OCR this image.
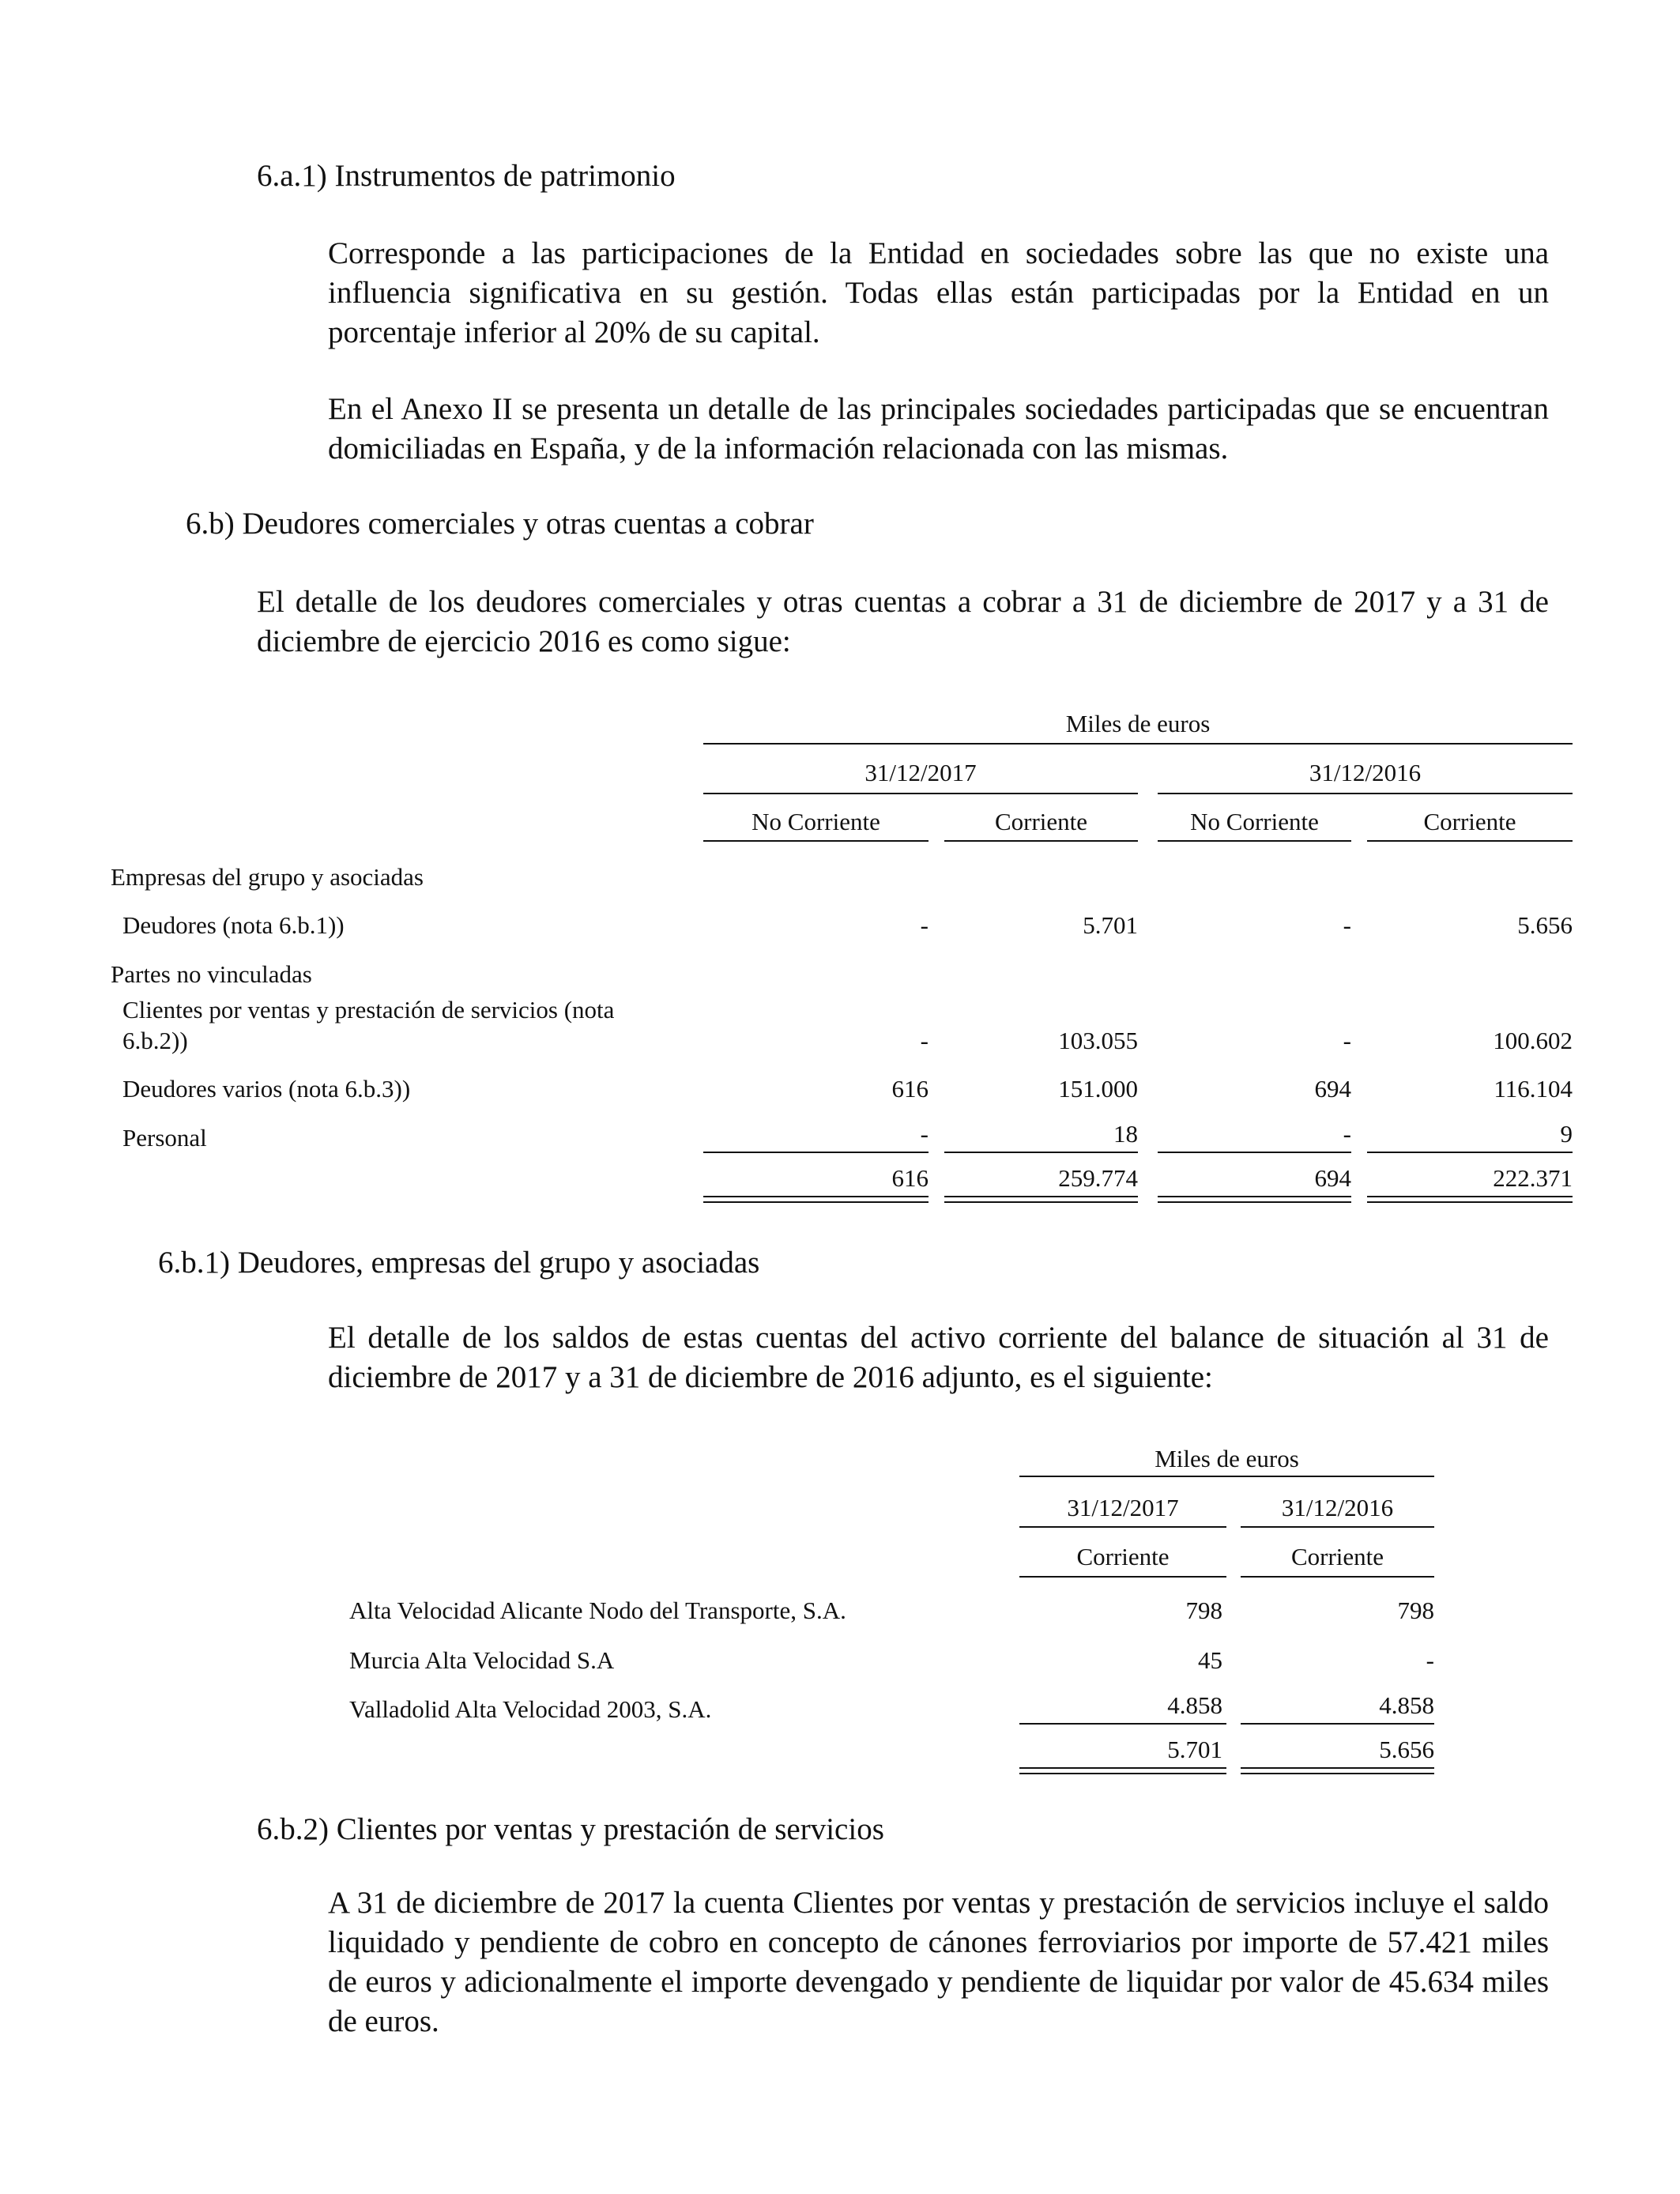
6.a.1) Instrumentos de patrimonio
Corresponde a las participaciones de la Entidad en sociedades sobre las que no existe una influencia significativa en su gestión. Todas ellas están participadas por la Entidad en un porcentaje inferior al 20% de su capital.
En el Anexo II se presenta un detalle de las principales sociedades participadas que se encuentran domiciliadas en España, y de la información relacionada con las mismas.
6.b) Deudores comerciales y otras cuentas a cobrar
El detalle de los deudores comerciales y otras cuentas a cobrar a 31 de diciembre de 2017 y a 31 de diciembre de ejercicio 2016 es como sigue:
Miles de euros
31/12/2017	31/12/2016
No Corriente	Corriente	No Corriente	Corriente
Empresas del grupo y asociadas
Deudores (nota 6.b.1))	-	5.701	-	5.656
Partes no vinculadas
Clientes por ventas y prestación de servicios (nota
6.b.2))	-	103.055	-	100.602
Deudores varios (nota 6.b.3))	616	151.000	694	116.104
Personal	-	18	-	9
616	259.774	694	222.371
6.b.1) Deudores, empresas del grupo y asociadas
El detalle de los saldos de estas cuentas del activo corriente del balance de situación al 31 de diciembre de 2017 y a 31 de diciembre de 2016 adjunto, es el siguiente:
Miles de euros
31/12/2017	31/12/2016
Corriente	Corriente
Alta Velocidad Alicante Nodo del Transporte, S.A.	798	798
Murcia Alta Velocidad S.A	45	-
Valladolid Alta Velocidad 2003, S.A.	4.858	4.858
5.701	5.656
6.b.2) Clientes por ventas y prestación de servicios
A 31 de diciembre de 2017 la cuenta Clientes por ventas y prestación de servicios incluye el saldo liquidado y pendiente de cobro en concepto de cánones ferroviarios por importe de 57.421 miles de euros y adicionalmente el importe devengado y pendiente de liquidar por valor de 45.634 miles de euros.
